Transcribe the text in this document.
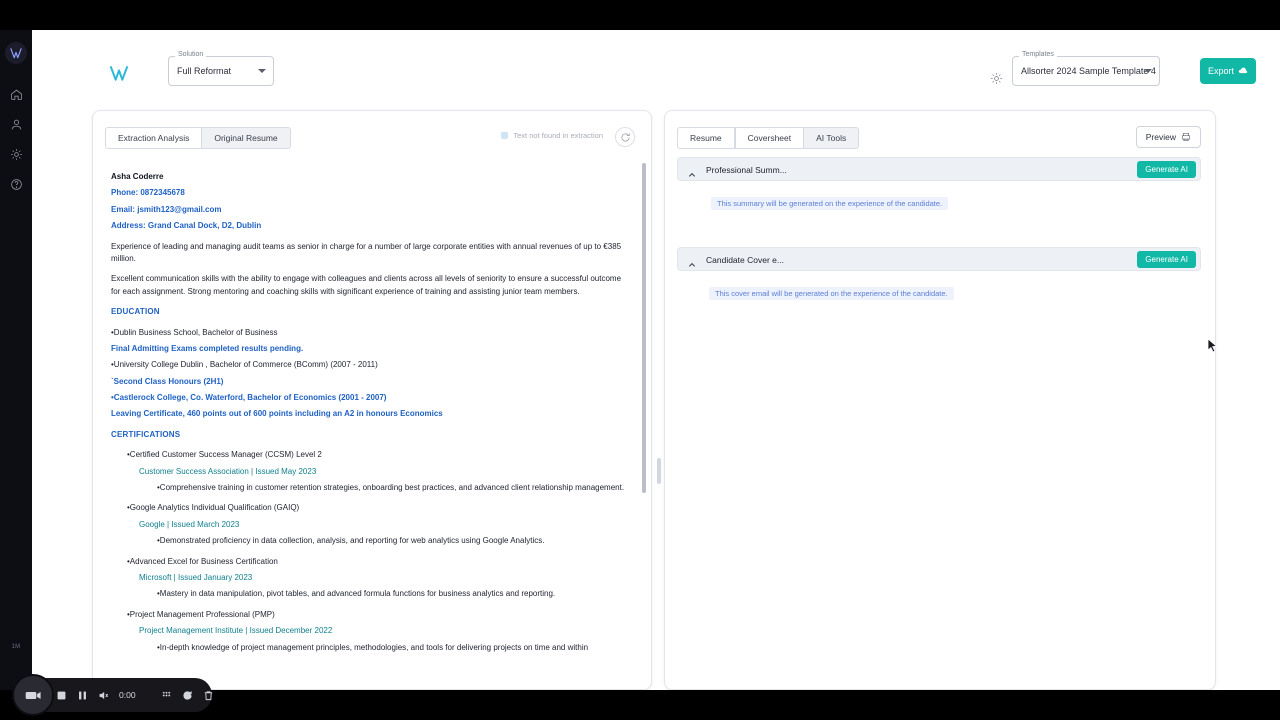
1M
Solution
Full Reformat
Templates
Allsorter 2024 Sample Template 4	Export
Extraction Analysis	Original Resume	Text not found in extraction

Asha Coderre

Phone: 0872345678

Email: jsmith123@gmail.com

Address: Grand Canal Dock, D2, Dublin

Experience of leading and managing audit teams as senior in charge for a number of large corporate entities with annual revenues of up to €385 million.

Excellent communication skills with the ability to engage with colleagues and clients across all levels of seniority to ensure a successful outcome for each assignment. Strong mentoring and coaching skills with significant experience of training and assisting junior team members.

EDUCATION

•Dublin Business School, Bachelor of Business

Final Admitting Exams completed results pending.

•University College Dublin , Bachelor of Commerce (BComm) (2007 - 2011)

`Second Class Honours (2H1)

•Castlerock College, Co. Waterford, Bachelor of Economics (2001 - 2007)

Leaving Certificate, 460 points out of 600 points including an A2 in honours Economics

CERTIFICATIONS

•Certified Customer Success Manager (CCSM) Level 2

Customer Success Association | Issued May 2023

•Comprehensive training in customer retention strategies, onboarding best practices, and advanced client relationship management.

•Google Analytics Individual Qualification (GAIQ)

Google | Issued March 2023

•Demonstrated proficiency in data collection, analysis, and reporting for web analytics using Google Analytics.

•Advanced Excel for Business Certification

Microsoft | Issued January 2023

•Mastery in data manipulation, pivot tables, and advanced formula functions for business analytics and reporting.

•Project Management Professional (PMP)

Project Management Institute | Issued December 2022

•In-depth knowledge of project management principles, methodologies, and tools for delivering projects on time and within

Resume	Coversheet	AI Tools	Preview
Professional Summ...	Generate AI
This summary will be generated on the experience of the candidate.
Candidate Cover e...	Generate AI
This cover email will be generated on the experience of the candidate.
0:00
